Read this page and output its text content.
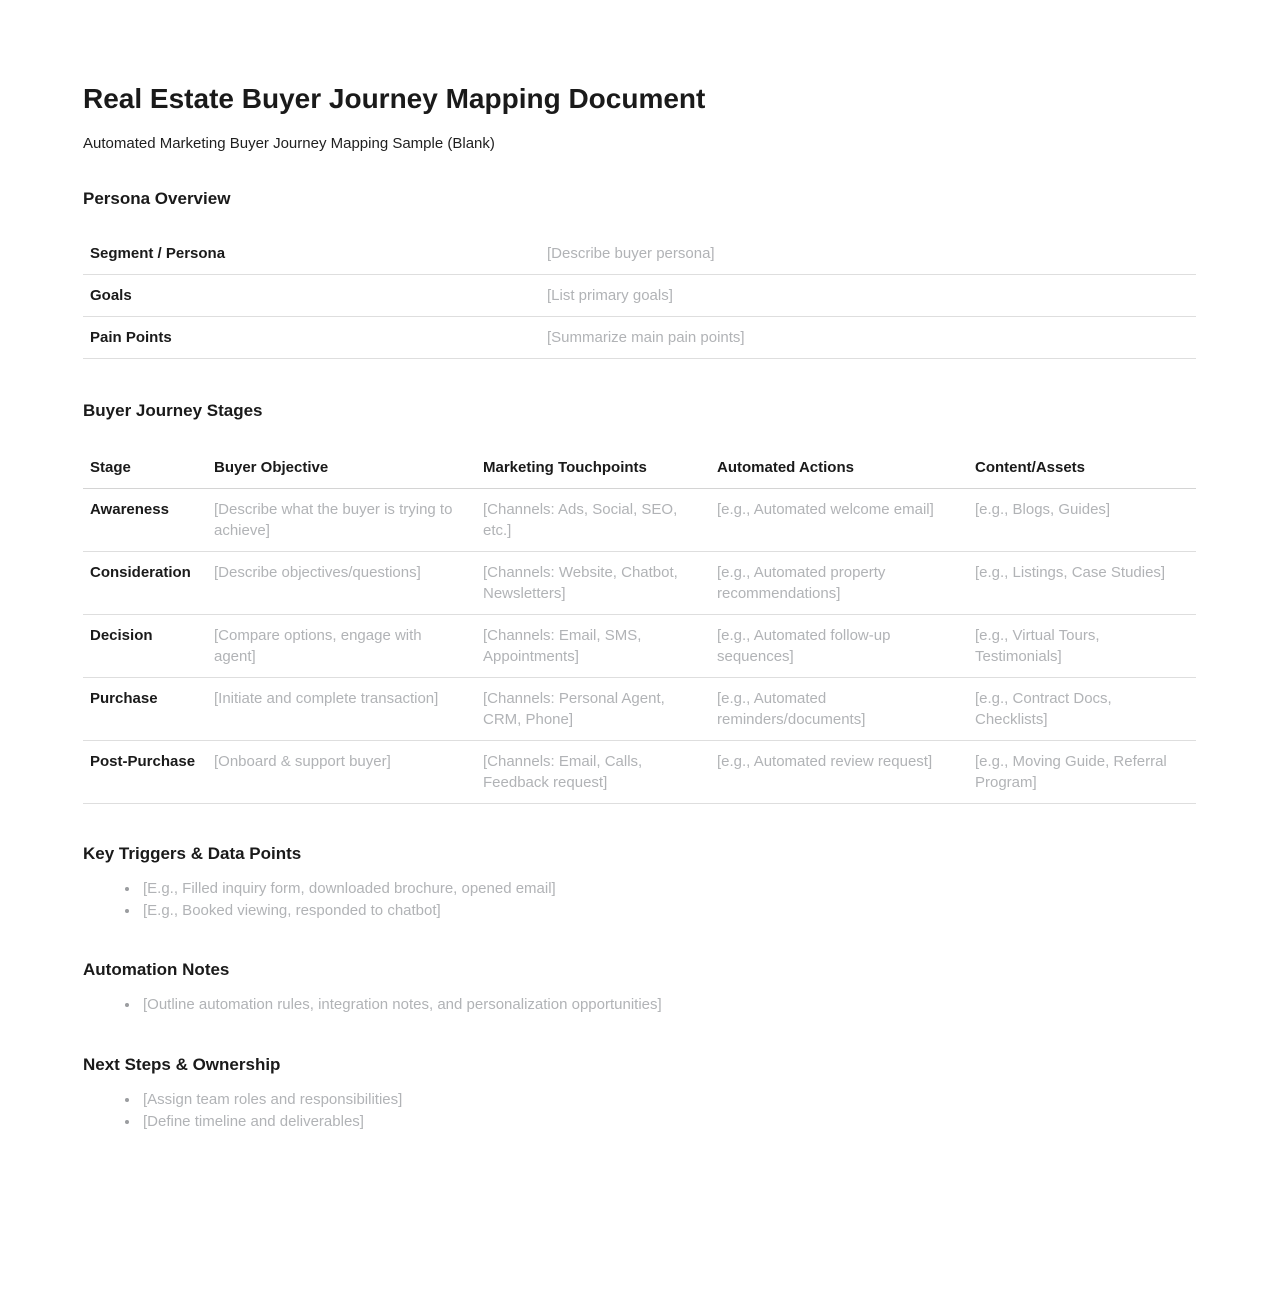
Real Estate Buyer Journey Mapping Document

Automated Marketing Buyer Journey Mapping Sample (Blank)

Persona Overview
Segment / Persona	[Describe buyer persona]
Goals	[List primary goals]
Pain Points	[Summarize main pain points]
Buyer Journey Stages
Stage	Buyer Objective	Marketing Touchpoints	Automated Actions	Content/Assets
Awareness	[Describe what the buyer is trying to achieve]	[Channels: Ads, Social, SEO, etc.]	[e.g., Automated welcome email]	[e.g., Blogs, Guides]
Consideration	[Describe objectives/questions]	[Channels: Website, Chatbot, Newsletters]	[e.g., Automated property recommendations]	[e.g., Listings, Case Studies]
Decision	[Compare options, engage with agent]	[Channels: Email, SMS, Appointments]	[e.g., Automated follow-up sequences]	[e.g., Virtual Tours, Testimonials]
Purchase	[Initiate and complete transaction]	[Channels: Personal Agent, CRM, Phone]	[e.g., Automated reminders/documents]	[e.g., Contract Docs, Checklists]
Post-Purchase	[Onboard & support buyer]	[Channels: Email, Calls, Feedback request]	[e.g., Automated review request]	[e.g., Moving Guide, Referral Program]
Key Triggers & Data Points
• [E.g., Filled inquiry form, downloaded brochure, opened email]
• [E.g., Booked viewing, responded to chatbot]
Automation Notes
• [Outline automation rules, integration notes, and personalization opportunities]
Next Steps & Ownership
• [Assign team roles and responsibilities]
• [Define timeline and deliverables]
